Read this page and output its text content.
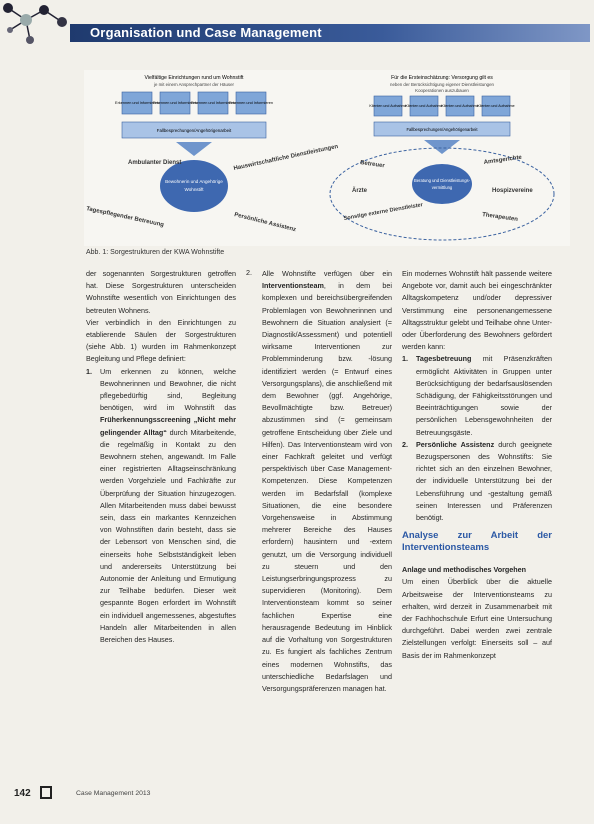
Organisation und Case Management
Vielfältige Einrichtungen rund um Wohnstift
je mit einem Ansprechpartner der Häuser
Erkennen und Informieren
Erkennen und Informieren
Erkennen und Informieren
Erkennen und Informieren
Fallbesprechungen/Angehörigenarbeit
Bewohnerin und Angehörige
Wohnstift
Ambulanter Dienst	Hauswirtschaftliche Dienstleistungen
Tagespflegender Betreuung	Persönliche Assistenz
Für die Ersteinschätzung: Versorgung gilt es
neben der Berücksichtigung eigener Dienstleistungen
Kooperationen auszubauen
Klienten und Aufnahme
Klienten und Aufnahme
Klienten und Aufnahme
Klienten und Aufnahme
Fallbesprechungen/Angehörigenarbeit
Beratung und Dienstleistungs-
vermittlung
Betreuer	Amtsgerichte
Ärzte	Hospizvereine
Sonstige externe Dienstleister	Therapeuten
Abb. 1: Sorgestrukturen der KWA Wohnstifte

der sogenannten Sorgestrukturen getroffen hat. Diese Sorgestrukturen unterscheiden Wohnstifte wesentlich von Einrichtungen des betreuten Wohnens.

Vier verbindlich in den Einrichtungen zu etablierende Säulen der Sorgestrukturen (siehe Abb. 1) wurden im Rahmenkonzept Begleitung und Pflege definiert:

1.	Um erkennen zu können, welche Bewohnerinnen und Bewohner, die nicht pflegebedürftig sind, Begleitung benötigen, wird im Wohnstift das Früherkennungsscreening „Nicht mehr gelingender Alltag“ durch Mitarbeitende, die regelmäßig in Kontakt zu den Bewohnern stehen, angewandt. Im Falle einer registrierten Alltagseinschränkung werden Vorgehziele und Fachkräfte zur Überprüfung der Situation hinzugezogen. Allen Mitarbeitenden muss dabei bewusst sein, dass ein markantes Kennzeichen von Wohnstiften darin besteht, dass sie der Lebensort von Menschen sind, die einerseits hohe Selbstständigkeit leben und andererseits Unterstützung bei Autonomie der Anleitung und Ermutigung zur Teilhabe bedürfen. Dieser weit gespannte Bogen erfordert im Wohnstift ein individuell angemessenes, abgestuftes Handeln aller Mitarbeitenden in allen Bereichen des Hauses.

2. Alle Wohnstifte verfügen über ein Interventionsteam, in dem bei komplexen und bereichsübergreifenden Problemlagen von Bewohnerinnen und Bewohnern die Situation analysiert (= Diagnostik/Assessment) und potentiell wirksame Interventionen zur Problemminderung bzw. -lösung identifiziert werden (= Entwurf eines Versorgungsplans), die anschließend mit dem Bewohner (ggf. Angehörige, Bevollmächtigte bzw. Betreuer) abzustimmen sind (= gemeinsam getroffene Entscheidung über Ziele und Hilfen). Das Interventionsteam wird von einer Fachkraft geleitet und verfügt perspektivisch über Case Management-Kompetenzen. Diese Kompetenzen werden im Bedarfsfall (komplexe Situationen, die eine besondere Vorgehensweise in Abstimmung mehrerer Bereiche des Hauses erfordern) hausintern und -extern genutzt, um die Versorgung individuell zu steuern und den Leistungserbringungsprozess zu supervidieren (Monitoring). Dem Interventionsteam kommt so seiner fachlichen Expertise eine herausragende Bedeutung im Hinblick auf die Vorhaltung von Sorgestrukturen zu. Es fungiert als fachliches Zentrum eines modernen Wohnstifts, das unterschiedliche Bedarfslagen und Versorgungspräferenzen managen hat.

Ein modernes Wohnstift hält passende weitere Angebote vor, damit auch bei eingeschränkter Alltagskompetenz und/oder depressiver Verstimmung eine personenangemessene Alltagsstruktur gelebt und Teilhabe ohne Unter- oder Überforderung des Bewohners gefördert werden kann:

1.	Tagesbetreuung mit Präsenzkräften ermöglicht Aktivitäten in Gruppen unter Berücksichtigung der bedarfsauslösenden Schädigung, der Fähigkeitsstörungen und Beeinträchtigungen sowie der persönlichen Lebensgewohnheiten der Betreuungsgäste.

2.	Persönliche Assistenz durch geeignete Bezugspersonen des Wohnstifts: Sie richtet sich an den einzelnen Bewohner, der individuelle Unterstützung bei der Lebensführung und -gestaltung gemäß seinen Interessen und Präferenzen benötigt.

Analyse zur Arbeit der Interventionsteams
Anlage und methodisches Vorgehen

Um einen Überblick über die aktuelle Arbeitsweise der Interventionsteams zu erhalten, wird derzeit in Zusammenarbeit mit der Fachhochschule Erfurt eine Untersuchung durchgeführt. Dabei werden zwei zentrale Zielstellungen verfolgt: Einerseits soll – auf Basis der im Rahmenkonzept

142	Case Management 2013
